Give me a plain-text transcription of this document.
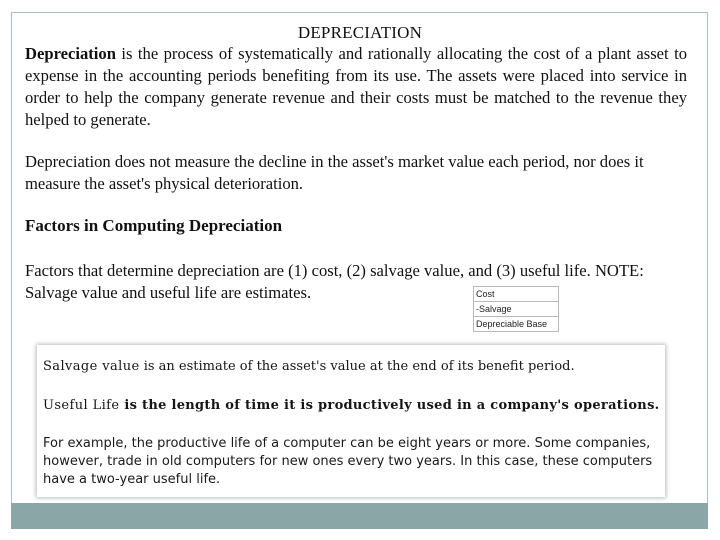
DEPRECIATION

Depreciation is the process of systematically and rationally allocating the cost of a plant asset to expense in the accounting periods benefiting from its use. The assets were placed into service in order to help the company generate revenue and their costs must be matched to the revenue they helped to generate.

Depreciation does not measure the decline in the asset's market value each period, nor does it measure the asset's physical deterioration.

Factors in Computing Depreciation

Factors that determine depreciation are (1) cost, (2) salvage value, and (3) useful life. NOTE: Salvage value and useful life are estimates.	Cost
-Salvage
Depreciable Base

Salvage value is an estimate of the asset's value at the end of its benefit period.

Useful Life is the length of time it is productively used in a company's operations.

For example, the productive life of a computer can be eight years or more. Some companies, however, trade in old computers for new ones every two years. In this case, these computers have a two-year useful life.
